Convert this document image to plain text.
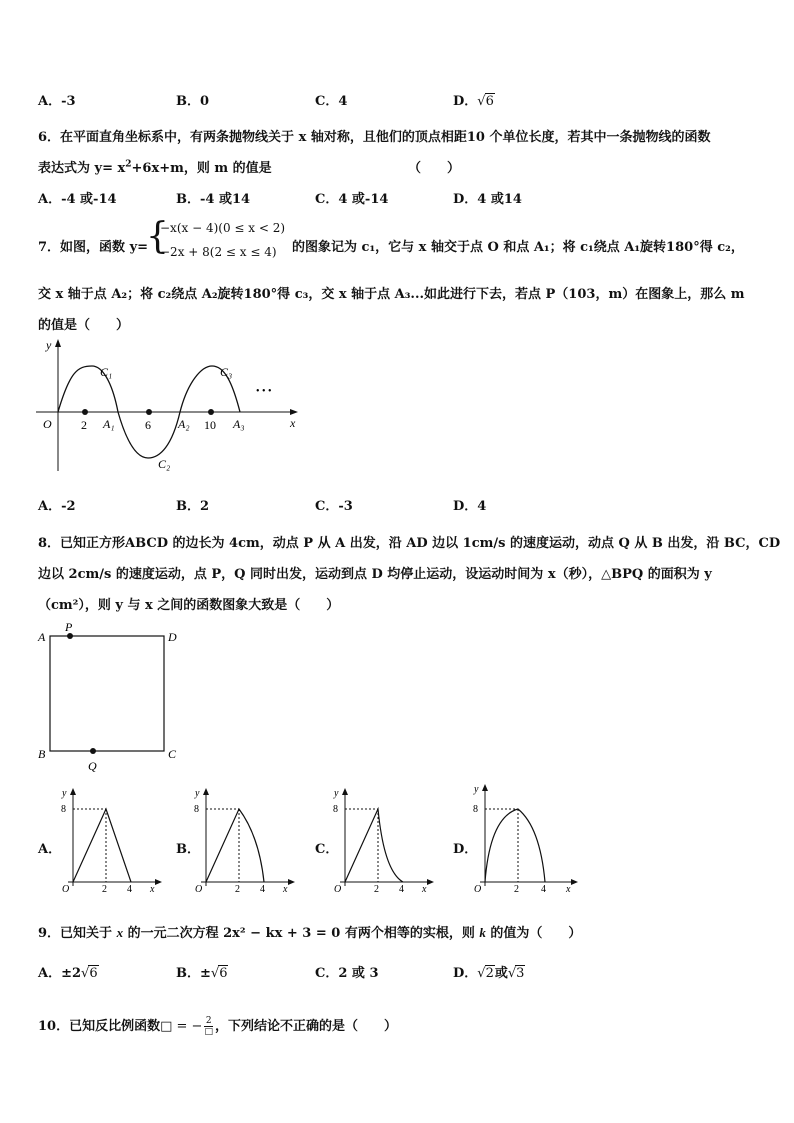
A．-3	B．0	C．4	D．√6
6．在平面直角坐标系中，有两条抛物线关于 x 轴对称，且他们的顶点相距10 个单位长度，若其中一条抛物线的函数
表达式为 $y= x^2+6x+m$，则 m 的值是	（　　）
A．-4 或-14	B．-4 或14	C．4 或-14	D．4 或14
7．如图，函数 y=
{
−x(x − 4)(0 ≤ x < 2)
−2x + 8(2 ≤ x ≤ 4) 的图象记为 c₁，它与 x 轴交于点 O 和点 A₁；将 c₁绕点 A₁旋转180°得 c₂，
交 x 轴于点 A₂；将 c₂绕点 A₂旋转180°得 c₃，交 x 轴于点 A₃...如此进行下去，若点 P（103，m）在图象上，那么 m
的值是（　　）
y
x
O
C₁
C₂
C₃
A₁	A₂	A₃
2	6	10
• • •
A．-2	B．2	C．-3	D．4
8．已知正方形ABCD 的边长为 4cm，动点 P 从 A 出发，沿 AD 边以 1cm/s 的速度运动，动点 Q 从 B 出发，沿 BC，CD
边以 2cm/s 的速度运动，点 P，Q 同时出发，运动到点 D 均停止运动，设运动时间为 x（秒），△BPQ 的面积为 y
（cm²），则 y 与 x 之间的函数图象大致是（　　）
A
B	C
D
P
Q
A．
8
2 4
O
y
x
B．
8
2 4
O
y
x
C．
8
2 4
O
y
x
D．
8
2 4
O
y
x
9．已知关于 x 的一元二次方程 2x² − kx + 3 = 0 有两个相等的实根，则 k 的值为（　　）
A．±2√6	B．±√6	C．2 或 3	D．√2或√3
10．已知反比例函数□ = − 2
□ ，下列结论不正确的是（　　）
